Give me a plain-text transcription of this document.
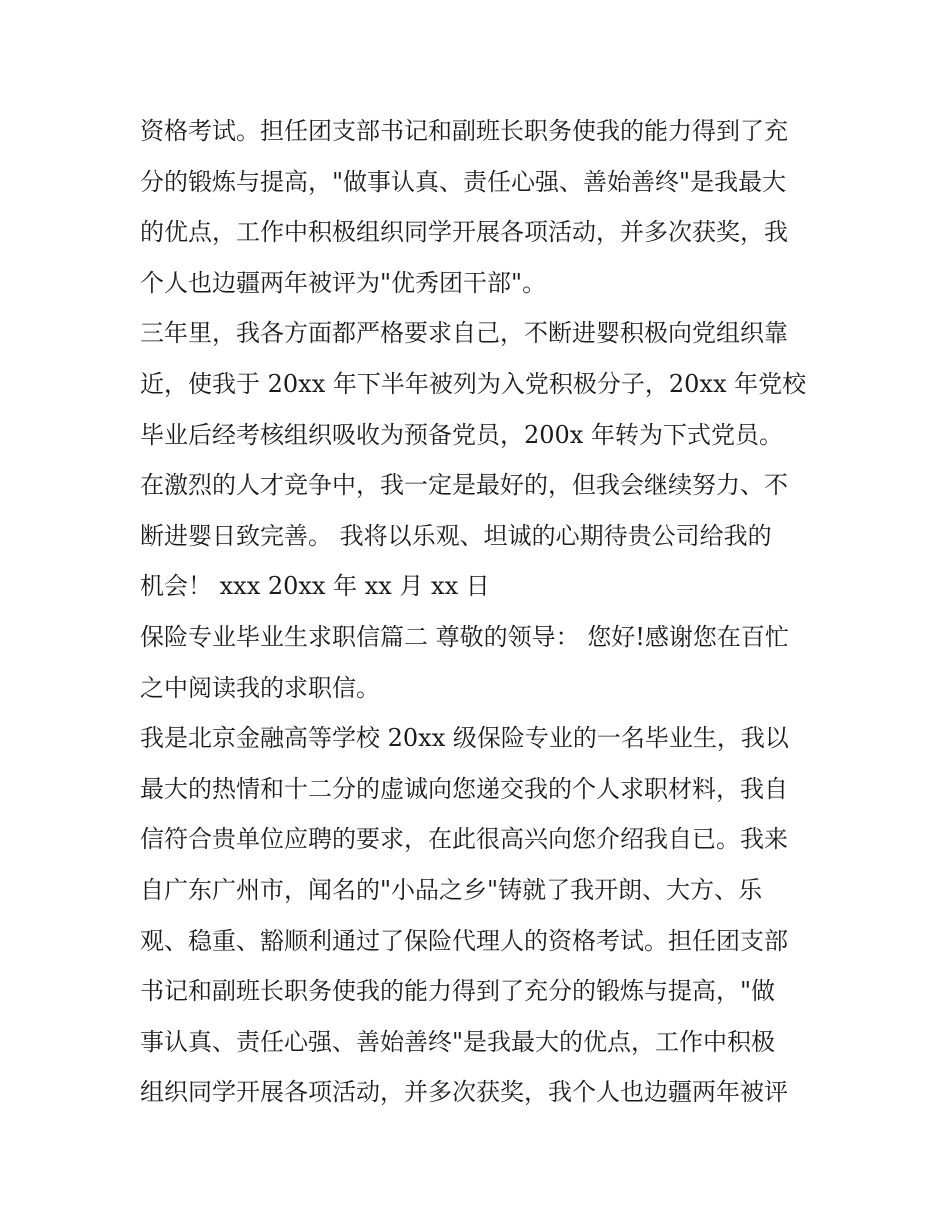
资格考试。担任团支部书记和副班长职务使我的能力得到了充
分的锻炼与提高，"做事认真、责任心强、善始善终"是我最大
的优点，工作中积极组织同学开展各项活动，并多次获奖，我
个人也边疆两年被评为"优秀团干部"。
三年里，我各方面都严格要求自己，不断进婴积极向党组织靠
近，使我于 20xx 年下半年被列为入党积极分子，20xx 年党校
毕业后经考核组织吸收为预备党员，200x 年转为下式党员。
在激烈的人才竞争中，我一定是最好的，但我会继续努力、不
断进婴日致完善。 我将以乐观、坦诚的心期待贵公司给我的
机会！ xxx 20xx 年 xx 月 xx 日
保险专业毕业生求职信篇二 尊敬的领导： 您好!感谢您在百忙
之中阅读我的求职信。
我是北京金融高等学校 20xx 级保险专业的一名毕业生，我以
最大的热情和十二分的虚诚向您递交我的个人求职材料，我自
信符合贵单位应聘的要求，在此很高兴向您介绍我自已。我来
自广东广州市，闻名的"小品之乡"铸就了我开朗、大方、乐
观、稳重、豁顺利通过了保险代理人的资格考试。担任团支部
书记和副班长职务使我的能力得到了充分的锻炼与提高，"做
事认真、责任心强、善始善终"是我最大的优点，工作中积极
组织同学开展各项活动，并多次获奖，我个人也边疆两年被评
